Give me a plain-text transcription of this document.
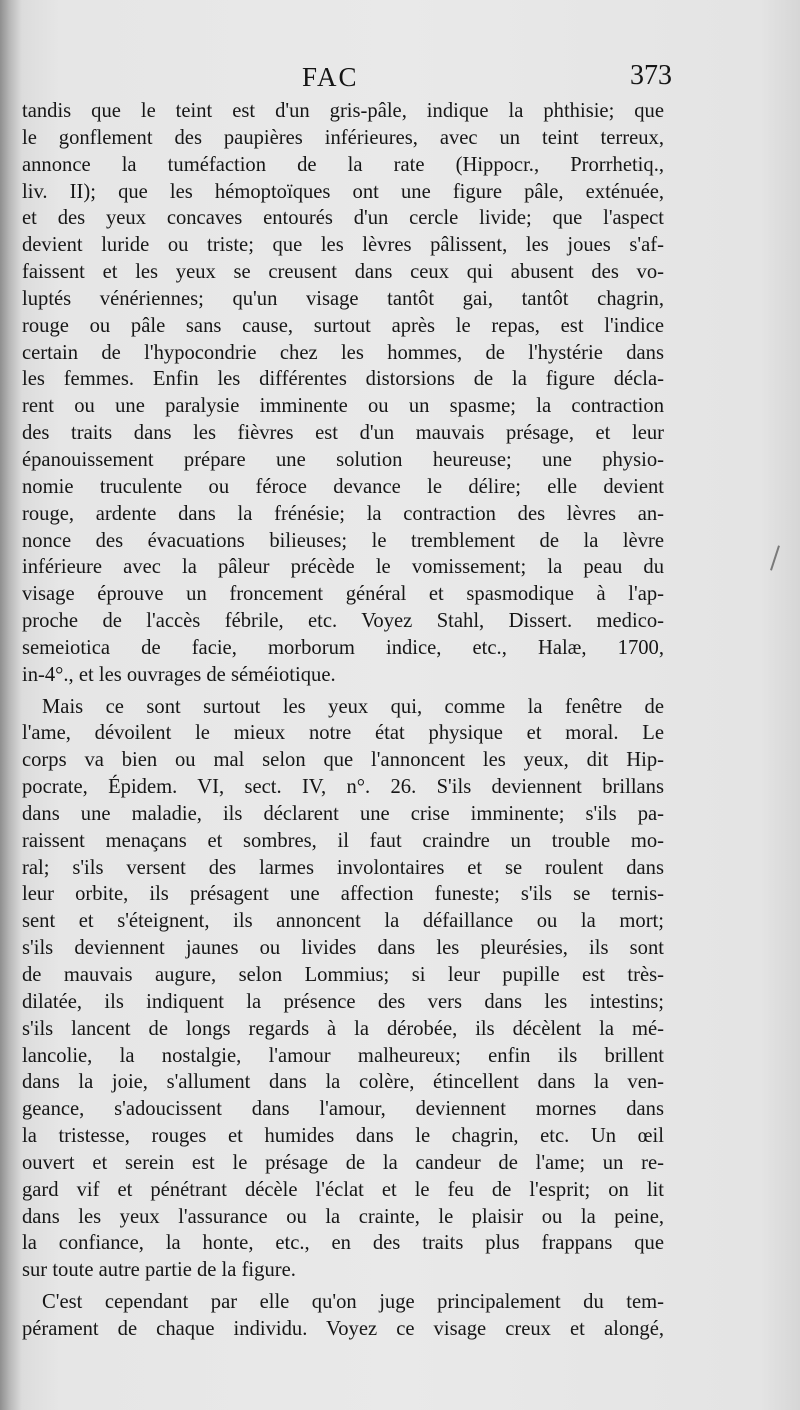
FAC	373
tandis que le teint est d'un gris-pâle, indique la phthisie; que
le gonflement des paupières inférieures, avec un teint terreux,
annonce la tuméfaction de la rate (Hippocr., Prorrhetiq.,
liv. II); que les hémoptoïques ont une figure pâle, exténuée,
et des yeux concaves entourés d'un cercle livide; que l'aspect
devient luride ou triste; que les lèvres pâlissent, les joues s'af-
faissent et les yeux se creusent dans ceux qui abusent des vo-
luptés vénériennes; qu'un visage tantôt gai, tantôt chagrin,
rouge ou pâle sans cause, surtout après le repas, est l'indice
certain de l'hypocondrie chez les hommes, de l'hystérie dans
les femmes. Enfin les différentes distorsions de la figure décla-
rent ou une paralysie imminente ou un spasme; la contraction
des traits dans les fièvres est d'un mauvais présage, et leur
épanouissement prépare une solution heureuse; une physio-
nomie truculente ou féroce devance le délire; elle devient
rouge, ardente dans la frénésie; la contraction des lèvres an-
nonce des évacuations bilieuses; le tremblement de la lèvre
inférieure avec la pâleur précède le vomissement; la peau du
visage éprouve un froncement général et spasmodique à l'ap-
proche de l'accès fébrile, etc. Voyez Stahl, Dissert. medico-
semeiotica de facie, morborum indice, etc., Halæ, 1700,
in-4°., et les ouvrages de séméiotique.
Mais ce sont surtout les yeux qui, comme la fenêtre de
l'ame, dévoilent le mieux notre état physique et moral. Le
corps va bien ou mal selon que l'annoncent les yeux, dit Hip-
pocrate, Épidem. VI, sect. IV, n°. 26. S'ils deviennent brillans
dans une maladie, ils déclarent une crise imminente; s'ils pa-
raissent menaçans et sombres, il faut craindre un trouble mo-
ral; s'ils versent des larmes involontaires et se roulent dans
leur orbite, ils présagent une affection funeste; s'ils se ternis-
sent et s'éteignent, ils annoncent la défaillance ou la mort;
s'ils deviennent jaunes ou livides dans les pleurésies, ils sont
de mauvais augure, selon Lommius; si leur pupille est très-
dilatée, ils indiquent la présence des vers dans les intestins;
s'ils lancent de longs regards à la dérobée, ils décèlent la mé-
lancolie, la nostalgie, l'amour malheureux; enfin ils brillent
dans la joie, s'allument dans la colère, étincellent dans la ven-
geance, s'adoucissent dans l'amour, deviennent mornes dans
la tristesse, rouges et humides dans le chagrin, etc. Un œil
ouvert et serein est le présage de la candeur de l'ame; un re-
gard vif et pénétrant décèle l'éclat et le feu de l'esprit; on lit
dans les yeux l'assurance ou la crainte, le plaisir ou la peine,
la confiance, la honte, etc., en des traits plus frappans que
sur toute autre partie de la figure.
C'est cependant par elle qu'on juge principalement du tem-
pérament de chaque individu. Voyez ce visage creux et alongé,
